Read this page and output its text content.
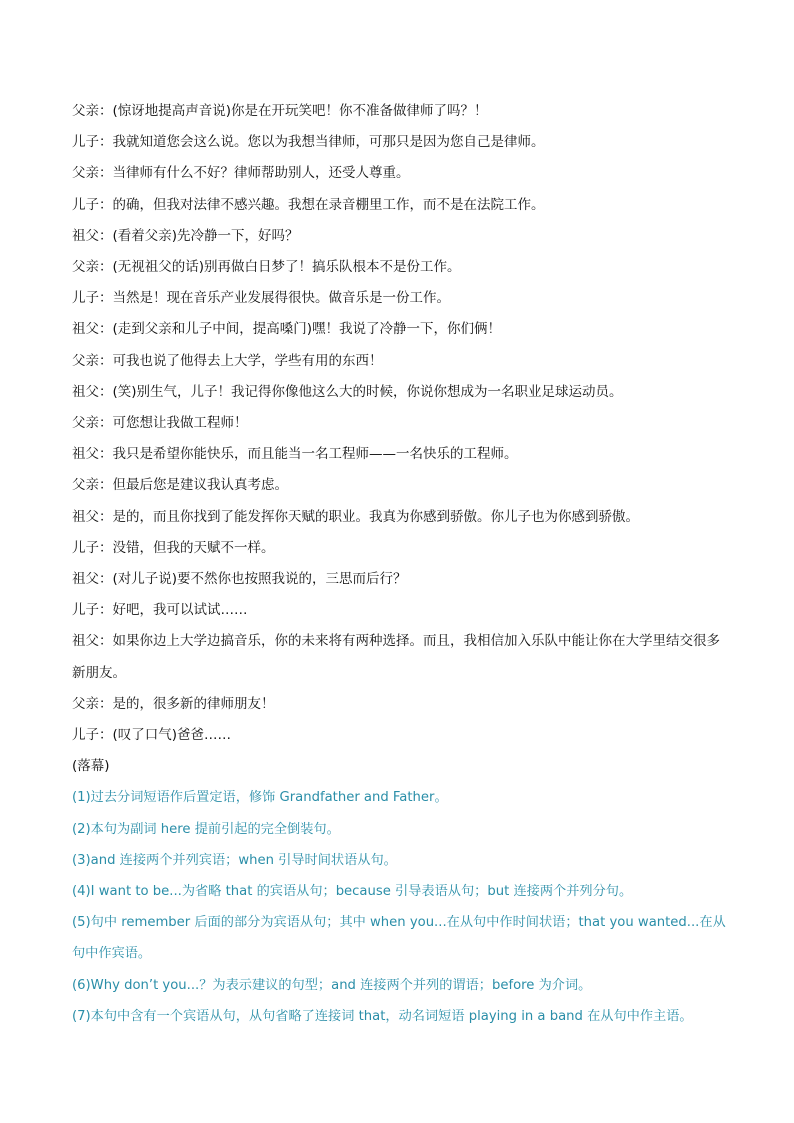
父亲：(惊讶地提高声音说)你是在开玩笑吧！你不准备做律师了吗？！
儿子：我就知道您会这么说。您以为我想当律师，可那只是因为您自己是律师。
父亲：当律师有什么不好？律师帮助别人，还受人尊重。
儿子：的确，但我对法律不感兴趣。我想在录音棚里工作，而不是在法院工作。
祖父：(看着父亲)先冷静一下，好吗？
父亲：(无视祖父的话)别再做白日梦了！搞乐队根本不是份工作。
儿子：当然是！现在音乐产业发展得很快。做音乐是一份工作。
祖父：(走到父亲和儿子中间，提高嗓门)嘿！我说了冷静一下，你们俩！
父亲：可我也说了他得去上大学，学些有用的东西！
祖父：(笑)别生气，儿子！我记得你像他这么大的时候，你说你想成为一名职业足球运动员。
父亲：可您想让我做工程师！
祖父：我只是希望你能快乐，而且能当一名工程师——一名快乐的工程师。
父亲：但最后您是建议我认真考虑。
祖父：是的，而且你找到了能发挥你天赋的职业。我真为你感到骄傲。你儿子也为你感到骄傲。
儿子：没错，但我的天赋不一样。
祖父：(对儿子说)要不然你也按照我说的，三思而后行？
儿子：好吧，我可以试试……
祖父：如果你边上大学边搞音乐，你的未来将有两种选择。而且，我相信加入乐队中能让你在大学里结交很多新朋友。
父亲：是的，很多新的律师朋友！
儿子：(叹了口气)爸爸……
(落幕)
(1)过去分词短语作后置定语，修饰 Grandfather and Father。
(2)本句为副词 here 提前引起的完全倒装句。
(3)and 连接两个并列宾语；when 引导时间状语从句。
(4)I want to be...为省略 that 的宾语从句；because 引导表语从句；but 连接两个并列分句。
(5)句中 remember 后面的部分为宾语从句；其中 when you...在从句中作时间状语；that you wanted...在从句中作宾语。
(6)Why don’t you...？为表示建议的句型；and 连接两个并列的谓语；before 为介词。
(7)本句中含有一个宾语从句，从句省略了连接词 that，动名词短语 playing in a band 在从句中作主语。
